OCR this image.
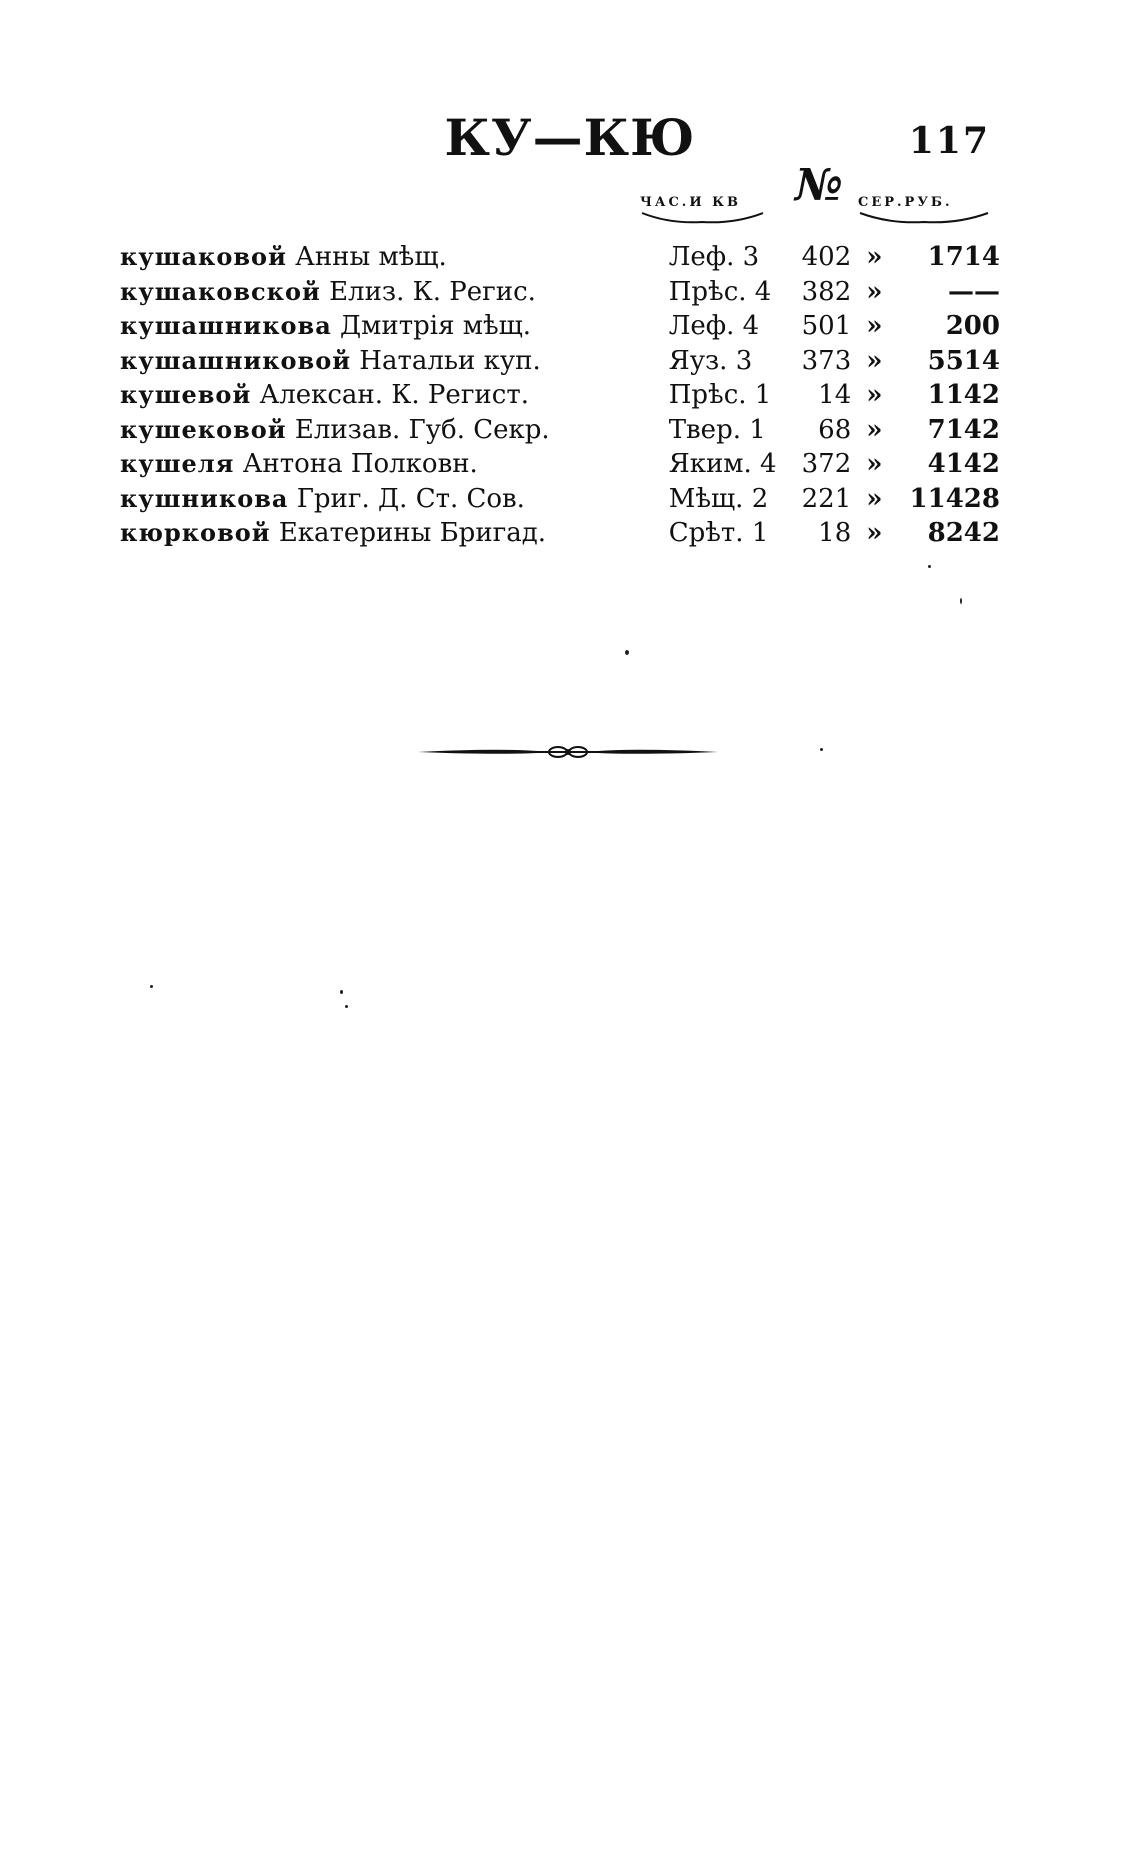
КУ—КЮ	117
ЧАС.И КВ	№ СЕР.РУБ.
кушаковой Анны мѣщ.	Леф. 3	402	»	1714
кушаковской Елиз. К. Регис.	Прѣс. 4	382	»	——
кушашникова Дмитрія мѣщ.	Леф. 4	501	»	200
кушашниковой Натальи куп.	Яуз. 3	373	»	5514
кушевой Алексан. К. Регист.	Прѣс. 1	14	»	1142
кушековой Елизав. Губ. Секр.	Твер. 1	68	»	7142
кушеля Антона Полковн.	Яким. 4	372	»	4142
кушникова Григ. Д. Ст. Сов.	Мѣщ. 2	221	»	11428
кюрковой Екатерины Бригад.	Срѣт. 1	18	»	8242
